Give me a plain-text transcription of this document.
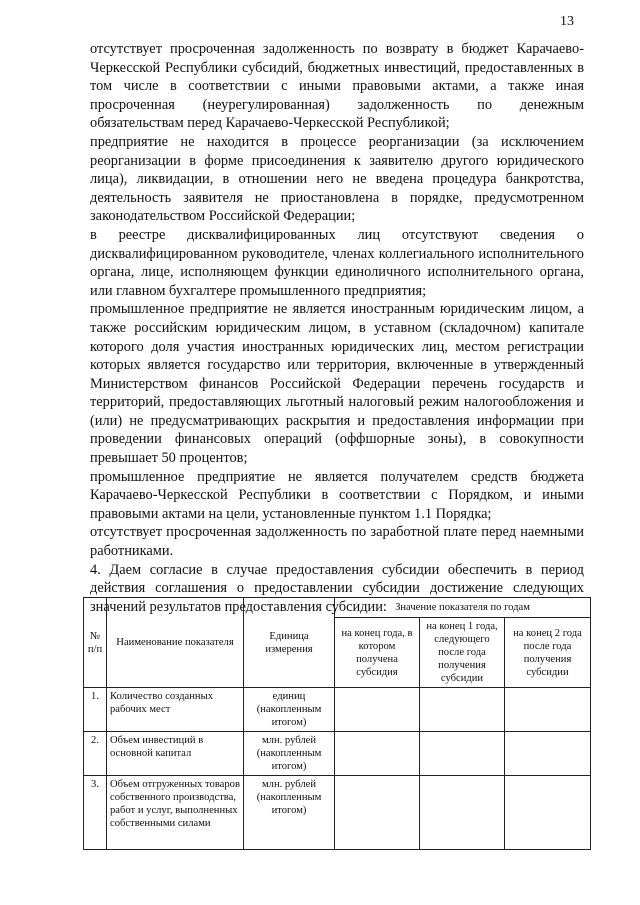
13

отсутствует просроченная задолженность по возврату в бюджет Карачаево-Черкесской Республики субсидий, бюджетных инвестиций, предоставленных в том числе в соответствии с иными правовыми актами, а также иная просроченная (неурегулированная) задолженность по денежным обязательствам перед Карачаево-Черкесской Республикой;

предприятие не находится в процессе реорганизации (за исключением реорганизации в форме присоединения к заявителю другого юридического лица), ликвидации, в отношении него не введена процедура банкротства, деятельность заявителя не приостановлена в порядке, предусмотренном законодательством Российской Федерации;

в реестре дисквалифицированных лиц отсутствуют сведения о дисквалифицированном руководителе, членах коллегиального исполнительного органа, лице, исполняющем функции единоличного исполнительного органа, или главном бухгалтере промышленного предприятия;

промышленное предприятие не является иностранным юридическим лицом, а также российским юридическим лицом, в уставном (складочном) капитале которого доля участия иностранных юридических лиц, местом регистрации которых является государство или территория, включенные в утвержденный Министерством финансов Российской Федерации перечень государств и территорий, предоставляющих льготный налоговый режим налогообложения и (или) не предусматривающих раскрытия и предоставления информации при проведении финансовых операций (оффшорные зоны), в совокупности превышает 50 процентов;

промышленное предприятие не является получателем средств бюджета Карачаево-Черкесской Республики в соответствии с Порядком, и иными правовыми актами на цели, установленные пунктом 1.1 Порядка;

отсутствует просроченная задолженность по заработной плате перед наемными работниками.

4. Даем согласие в случае предоставления субсидии обеспечить в период действия соглашения о предоставлении субсидии достижение следующих значений результатов предоставления субсидии:

№ п/п	Наименование показателя	Единица измерения	Значение показателя по годам		
			на конец года, в котором получена субсидия	на конец 1 года, следующего после года получения субсидии	на конец 2 года после года получения субсидии
1.	Количество созданных рабочих мест	единиц (накопленным итогом)			
2.	Объем инвестиций в основной капитал	млн. рублей (накопленным итогом)			
3.	Объем отгруженных товаров собственного производства, работ и услуг, выполненных собственными силами	млн. рублей (накопленным итогом)			
